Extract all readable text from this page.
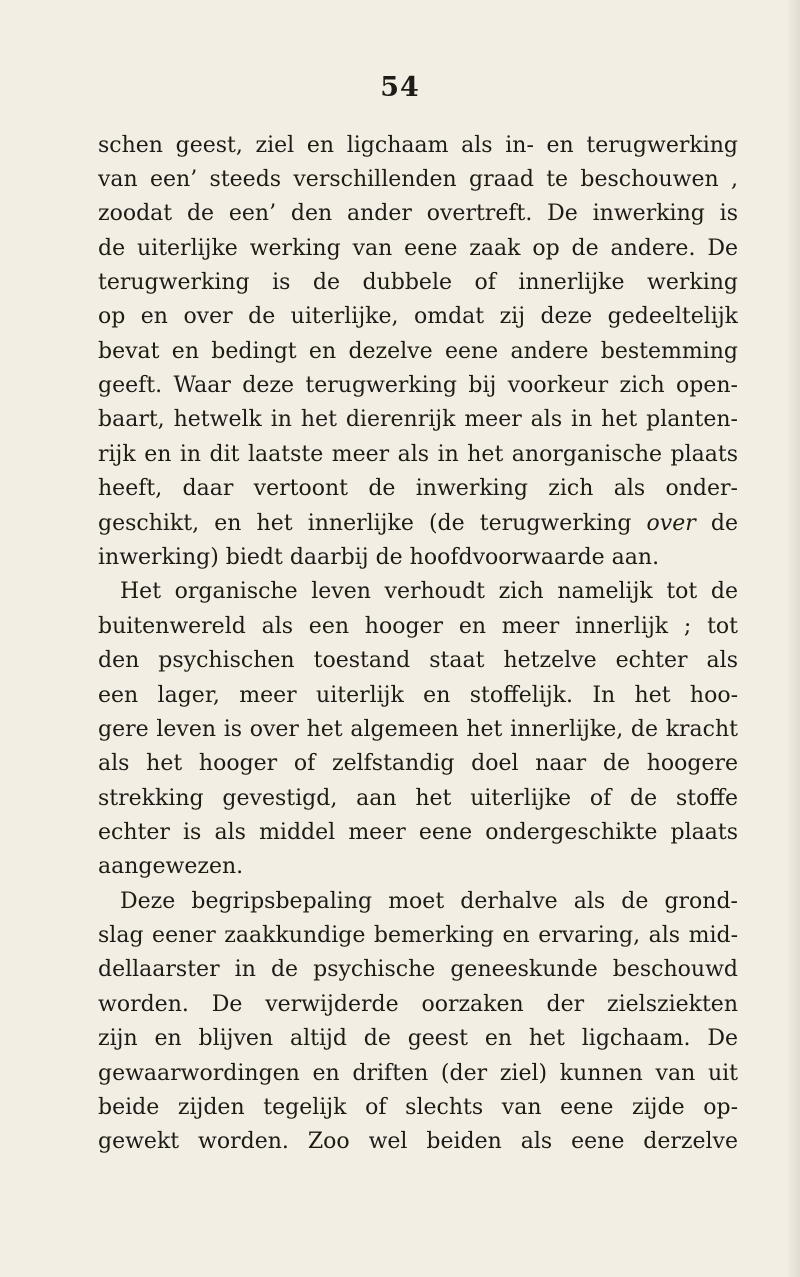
54
schen geest, ziel en ligchaam als in- en terugwerking
van een’ steeds verschillenden graad te beschouwen ,
zoodat de een’ den ander overtreft. De inwerking is
de uiterlijke werking van eene zaak op de andere. De
terugwerking is de dubbele of innerlijke werking
op en over de uiterlijke, omdat zij deze gedeeltelijk
bevat en bedingt en dezelve eene andere bestemming
geeft. Waar deze terugwerking bij voorkeur zich open-
baart, hetwelk in het dierenrijk meer als in het planten-
rijk en in dit laatste meer als in het anorganische plaats
heeft, daar vertoont de inwerking zich als onder-
geschikt, en het innerlijke (de terugwerking over de
inwerking) biedt daarbij de hoofdvoorwaarde aan.
Het organische leven verhoudt zich namelijk tot de
buitenwereld als een hooger en meer innerlijk ; tot
den psychischen toestand staat hetzelve echter als
een lager, meer uiterlijk en stoffelijk. In het hoo-
gere leven is over het algemeen het innerlijke, de kracht
als het hooger of zelfstandig doel naar de hoogere
strekking gevestigd, aan het uiterlijke of de stoffe
echter is als middel meer eene ondergeschikte plaats
aangewezen.
Deze begripsbepaling moet derhalve als de grond-
slag eener zaakkundige bemerking en ervaring, als mid-
dellaarster in de psychische geneeskunde beschouwd
worden. De verwijderde oorzaken der zielsziekten
zijn en blijven altijd de geest en het ligchaam. De
gewaarwordingen en driften (der ziel) kunnen van uit
beide zijden tegelijk of slechts van eene zijde op-
gewekt worden. Zoo wel beiden als eene derzelve
